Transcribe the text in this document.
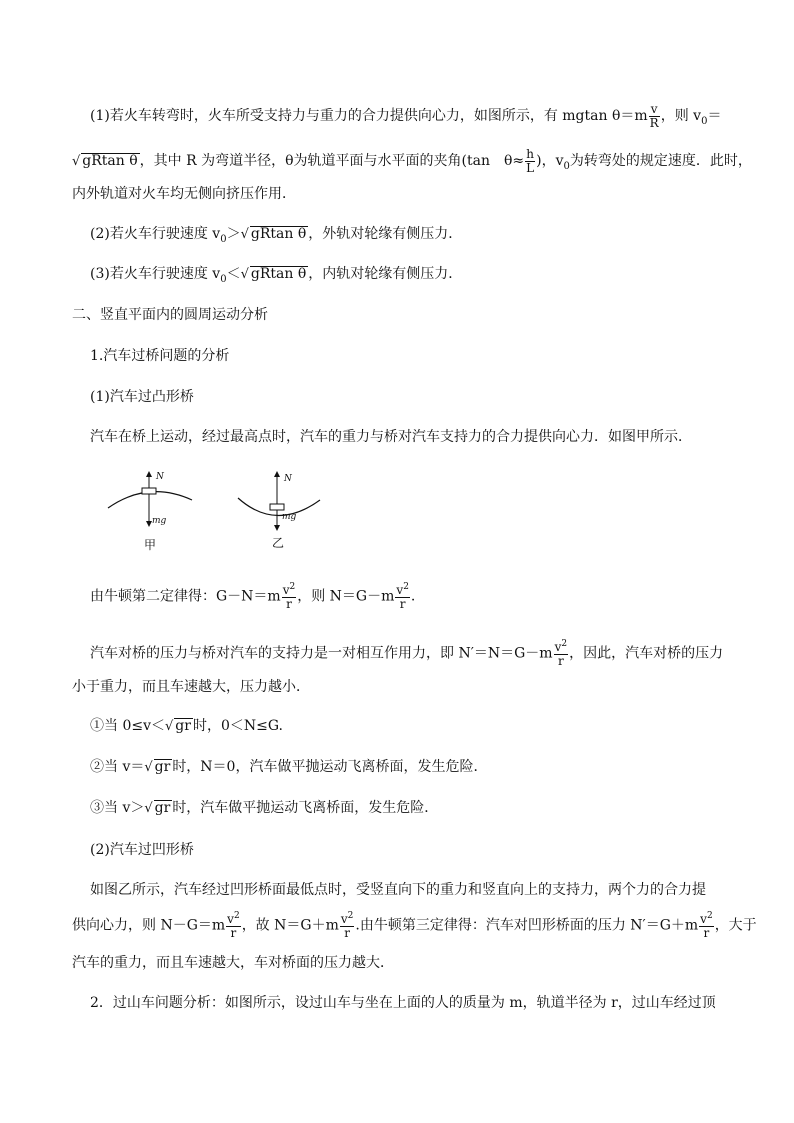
(1)若火车转弯时，火车所受支持力与重力的合力提供向心力，如图所示，有 mgtan $\theta=m \frac{v}{R}$ ，则 $v_0=$
√ gRtan θ ，其中 R 为弯道半径，θ为轨道平面与水平面的夹角(tan　$\theta\approx \frac{h}{L}$ )，$v_0$为转弯处的规定速度．此时，
内外轨道对火车均无侧向挤压作用．
(2)若火车行驶速度 $v_0>√$ gRtan θ ，外轨对轮缘有侧压力．
(3)若火车行驶速度 $v_0<√$ gRtan θ ，内轨对轮缘有侧压力．
二、竖直平面内的圆周运动分析
1.汽车过桥问题的分析
(1)汽车过凸形桥
汽车在桥上运动，经过最高点时，汽车的重力与桥对汽车支持力的合力提供向心力．如图甲所示．
N
mg
甲
N
mg
乙
由牛顿第二定律得：$G-N=m \frac{v^2}{r}$ ，则 $N=G-m \frac{v^2}{r}$ .
汽车对桥的压力与桥对汽车的支持力是一对相互作用力，即 $N'=N=G-m \frac{v^2}{r}$ ，因此，汽车对桥的压力
小于重力，而且车速越大，压力越小．
①当 0≤v＜√ gr 时，0＜N≤G.
②当 v＝√ gr 时，N＝0，汽车做平抛运动飞离桥面，发生危险．
③当 v＞√ gr 时，汽车做平抛运动飞离桥面，发生危险．
(2)汽车过凹形桥
如图乙所示，汽车经过凹形桥面最低点时，受竖直向下的重力和竖直向上的支持力，两个力的合力提
供向心力，则 $N-G=m \frac{v^2}{r}$ ，故 $N=G+m \frac{v^2}{r}$ .由牛顿第三定律得：汽车对凹形桥面的压力 $N'=G+m \frac{v^2}{r}$ ，大于
汽车的重力，而且车速越大，车对桥面的压力越大．
2．过山车问题分析：如图所示，设过山车与坐在上面的人的质量为 m，轨道半径为 r，过山车经过顶
